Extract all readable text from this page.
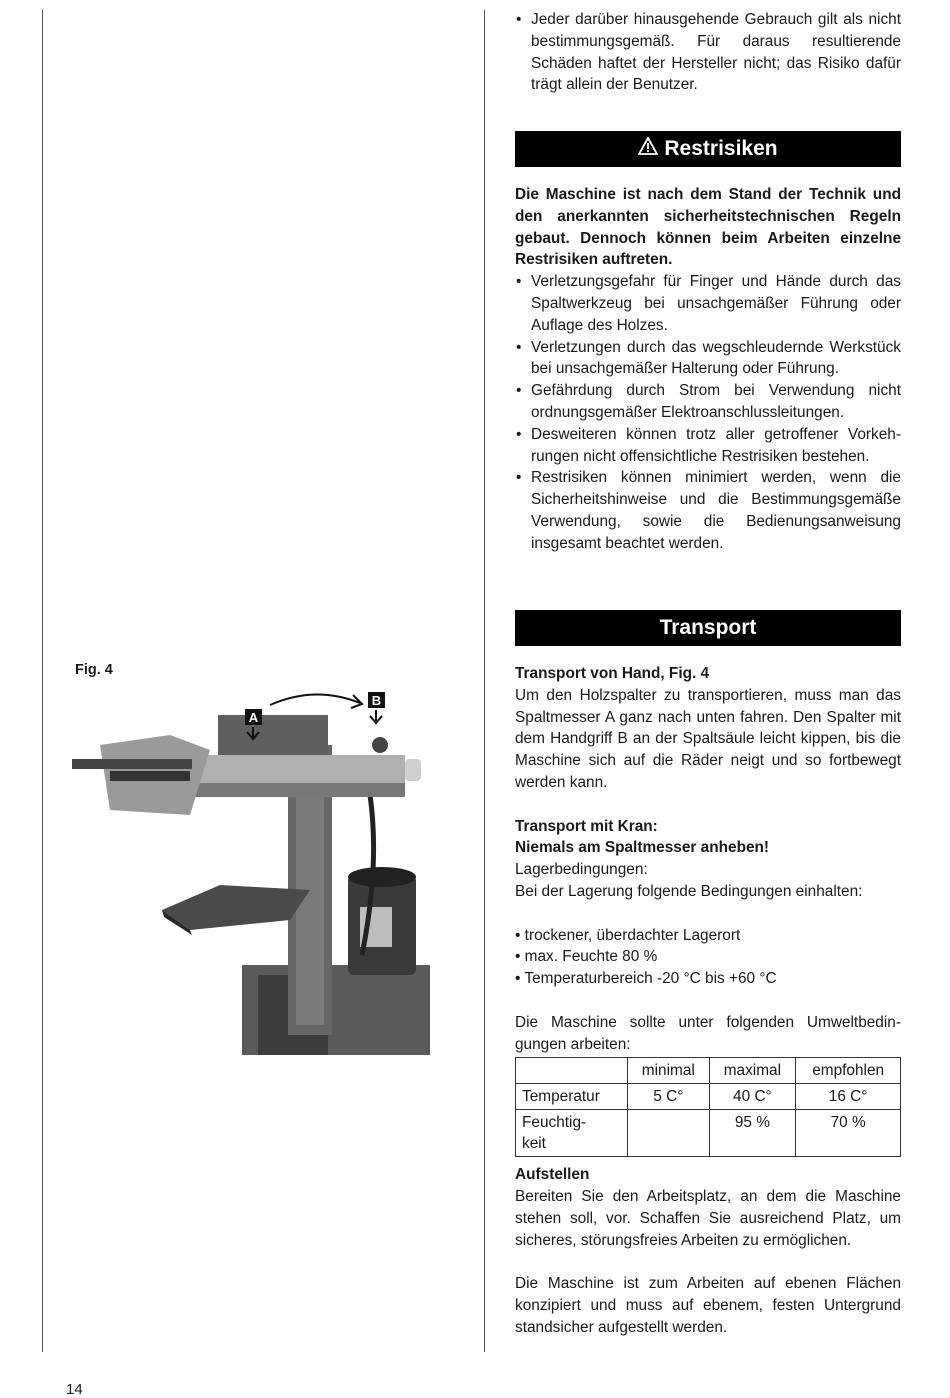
• Jeder darüber hinausgehende Gebrauch gilt als nicht bestimmungsgemäß. Für daraus resultierende Schäden haftet der Hersteller nicht; das Risiko dafür trägt allein der Benutzer.
Restrisiken

Die Maschine ist nach dem Stand der Technik und den anerkannten sicherheitstechnischen Regeln gebaut. Dennoch können beim Arbeiten einzelne Restrisiken auftreten.

• Verletzungsgefahr für Finger und Hände durch das Spaltwerkzeug bei unsachgemäßer Führung oder Auflage des Holzes.
• Verletzungen durch das wegschleudernde Werkstück bei unsachgemäßer Halterung oder Führung.
• Gefährdung durch Strom bei Verwendung nicht ordnungsgemäßer Elektroanschlussleitungen.
• Desweiteren können trotz aller getroffener Vorkehrungen nicht offensichtliche Restrisiken bestehen.
• Restrisiken können minimiert werden, wenn die Sicherheitshinweise und die Bestimmungsgemäße Verwendung, sowie die Bedienungsanweisung insgesamt beachtet werden.
Transport

Transport von Hand, Fig. 4

Um den Holzspalter zu transportieren, muss man das Spaltmesser A ganz nach unten fahren. Den Spalter mit dem Handgriff B an der Spaltsäule leicht kippen, bis die Maschine sich auf die Räder neigt und so fortbewegt werden kann.

Transport mit Kran:

Niemals am Spaltmesser anheben!

Lagerbedingungen:

Bei der Lagerung folgende Bedingungen einhalten:

• trockener, überdachter Lagerort

• max. Feuchte 80 %

• Temperaturbereich -20 °C bis +60 °C

Die Maschine sollte unter folgenden Umweltbedingungen arbeiten:

	minimal	maximal	empfohlen
Temperatur	5 C°	40 C°	16 C°
Feuchtig-
keit		95 %	70 %

Aufstellen

Bereiten Sie den Arbeitsplatz, an dem die Maschine stehen soll, vor. Schaffen Sie ausreichend Platz, um sicheres, störungsfreies Arbeiten zu ermöglichen.

Die Maschine ist zum Arbeiten auf ebenen Flächen konzipiert und muss auf ebenem, festen Untergrund standsicher aufgestellt werden.

Fig. 4
A
B
14
